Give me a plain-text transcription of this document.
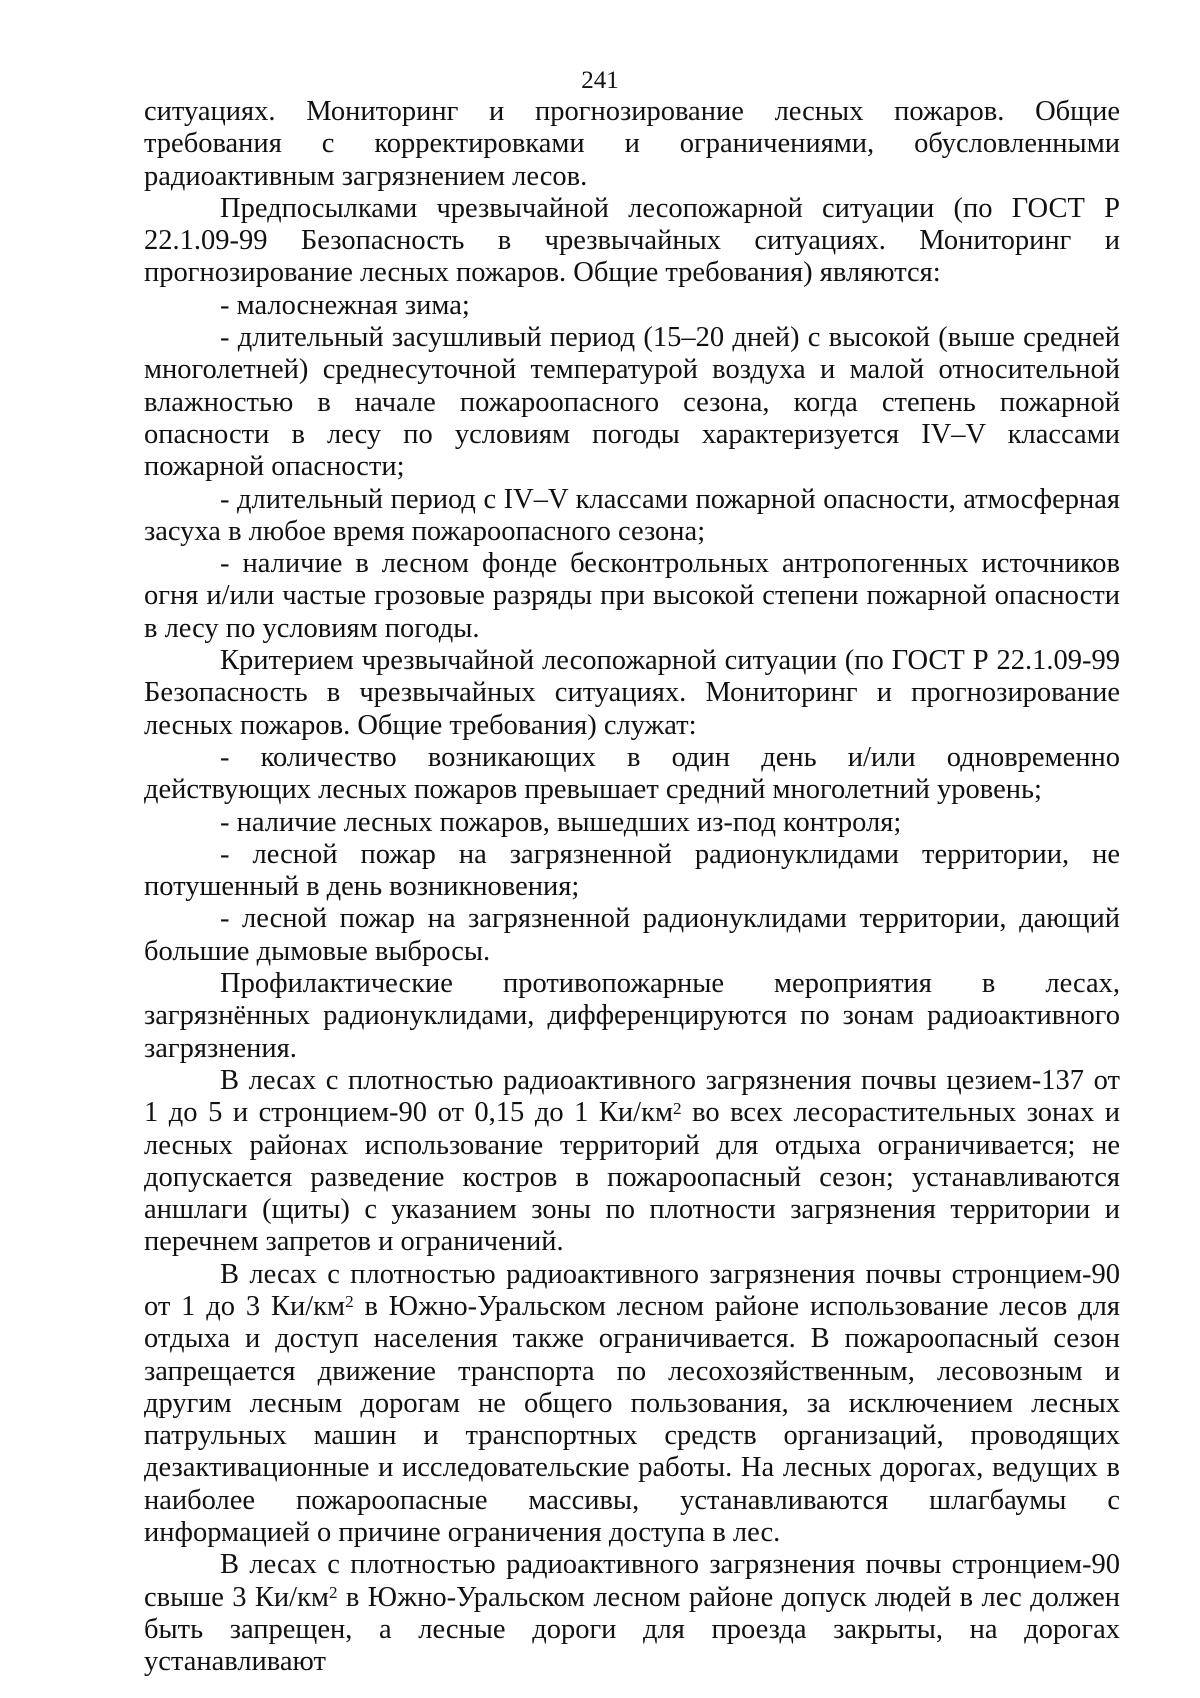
241

ситуациях. Мониторинг и прогнозирование лесных пожаров. Общие требования с корректировками и ограничениями, обусловленными радиоактивным загрязнением лесов.

Предпосылками чрезвычайной лесопожарной ситуации (по ГОСТ Р 22.1.09-99 Безопасность в чрезвычайных ситуациях. Мониторинг и прогнозирование лесных пожаров. Общие требования) являются:

- малоснежная зима;

- длительный засушливый период (15–20 дней) с высокой (выше средней многолетней) среднесуточной температурой воздуха и малой относительной влажностью в начале пожароопасного сезона, когда степень пожарной опасности в лесу по условиям погоды характеризуется IV–V классами пожарной опасности;

- длительный период с IV–V классами пожарной опасности, атмосферная засуха в любое время пожароопасного сезона;

- наличие в лесном фонде бесконтрольных антропогенных источников огня и/или частые грозовые разряды при высокой степени пожарной опасности в лесу по условиям погоды.

Критерием чрезвычайной лесопожарной ситуации (по ГОСТ Р 22.1.09-99 Безопасность в чрезвычайных ситуациях. Мониторинг и прогнозирование лесных пожаров. Общие требования) служат:

- количество возникающих в один день и/или одновременно действующих лесных пожаров превышает средний многолетний уровень;

- наличие лесных пожаров, вышедших из-под контроля;

- лесной пожар на загрязненной радионуклидами территории, не потушенный в день возникновения;

- лесной пожар на загрязненной радионуклидами территории, дающий большие дымовые выбросы.

Профилактические противопожарные мероприятия в лесах, загрязнённых радионуклидами, дифференцируются по зонам радиоактивного загрязнения.

В лесах с плотностью радиоактивного загрязнения почвы цезием-137 от 1 до 5 и стронцием-90 от 0,15 до 1 $Ки/км^2$ во всех лесорастительных зонах и лесных районах использование территорий для отдыха ограничивается; не допускается разведение костров в пожароопасный сезон; устанавливаются аншлаги (щиты) с указанием зоны по плотности загрязнения территории и перечнем запретов и ограничений.

В лесах с плотностью радиоактивного загрязнения почвы стронцием-90 от 1 до 3 $Ки/км^2$ в Южно-Уральском лесном районе использование лесов для отдыха и доступ населения также ограничивается. В пожароопасный сезон запрещается движение транспорта по лесохозяйственным, лесовозным и другим лесным дорогам не общего пользования, за исключением лесных патрульных машин и транспортных средств организаций, проводящих дезактивационные и исследовательские работы. На лесных дорогах, ведущих в наиболее пожароопасные массивы, устанавливаются шлагбаумы с информацией о причине ограничения доступа в лес.

В лесах с плотностью радиоактивного загрязнения почвы стронцием-90 свыше 3 $Ки/км^2$ в Южно-Уральском лесном районе допуск людей в лес должен быть запрещен, а лесные дороги для проезда закрыты, на дорогах устанавливают
